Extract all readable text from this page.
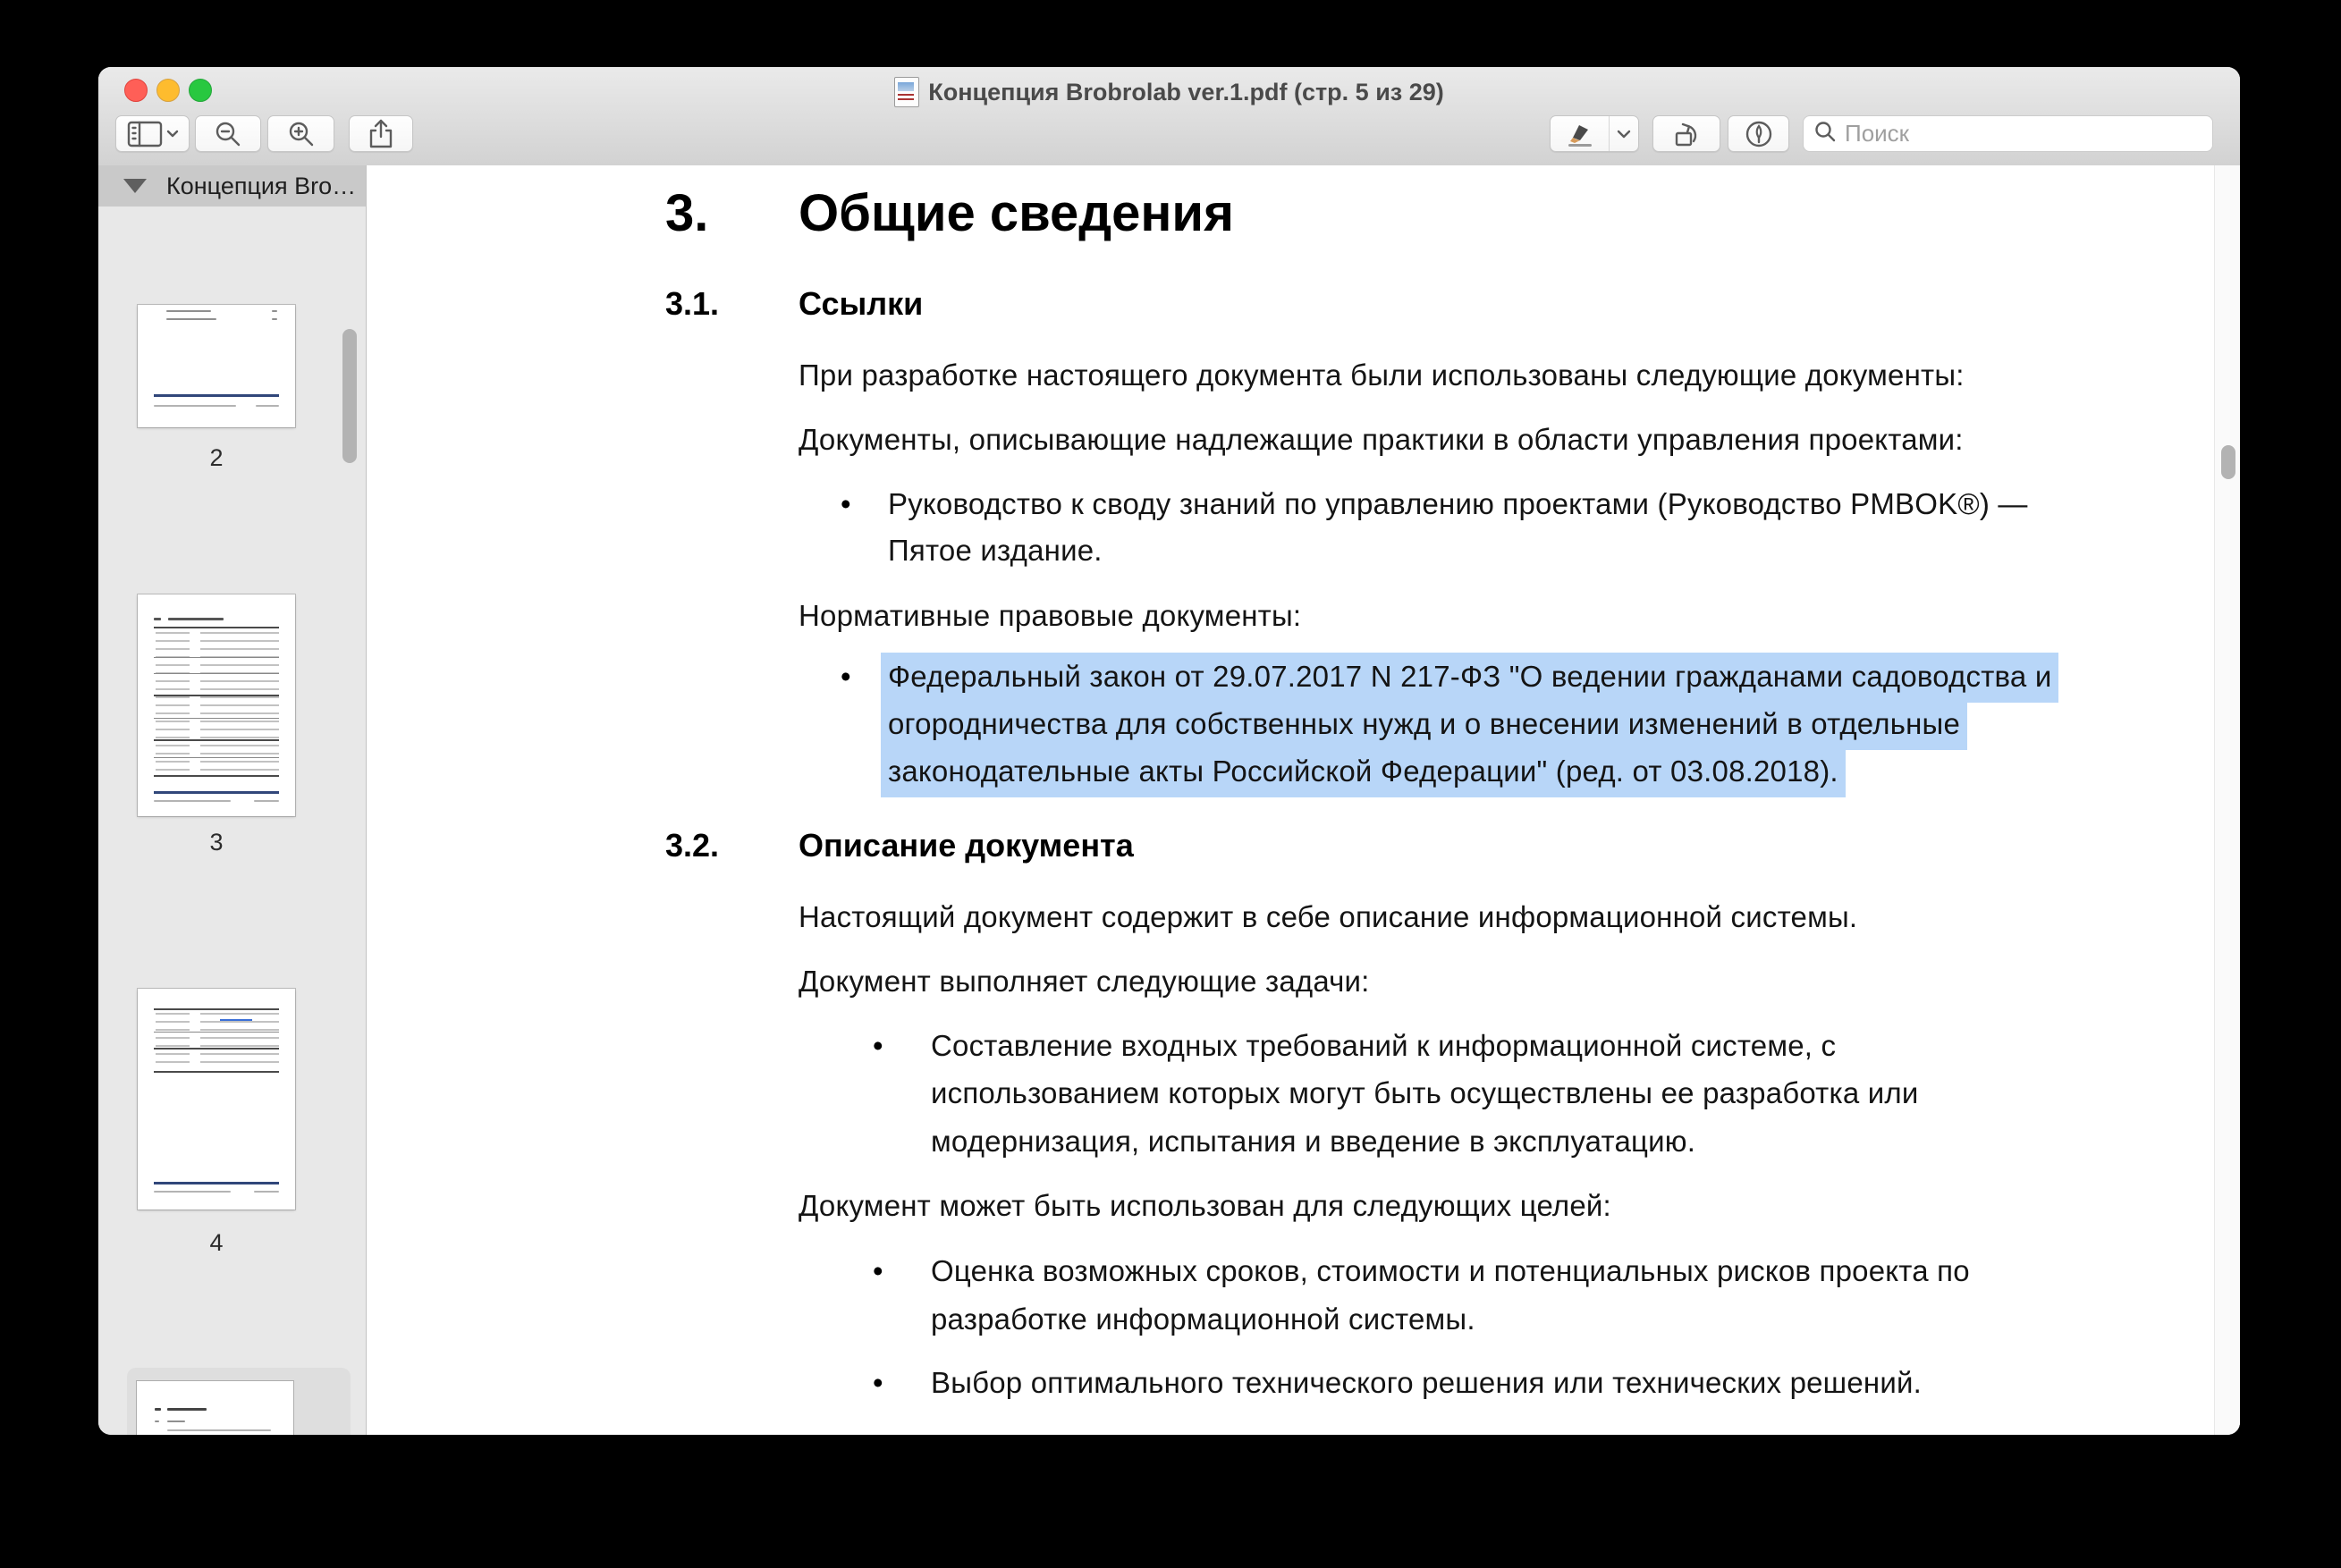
Концепция Brobrolab ver.1.pdf (стр. 5 из 29)
Поиск
Концепция Bro…
2
3
4
3. Общие сведения
3.1. Ссылки
При разработке настоящего документа были использованы следующие документы:
Документы, описывающие надлежащие практики в области управления проектами:
• Руководство к своду знаний по управлению проектами (Руководство PMBOK®) —
Пятое издание.
Нормативные правовые документы:
• Федеральный закон от 29.07.2017 N 217-ФЗ "О ведении гражданами садоводства и
огородничества для собственных нужд и о внесении изменений в отдельные
законодательные акты Российской Федерации" (ред. от 03.08.2018).
3.2. Описание документа
Настоящий документ содержит в себе описание информационной системы.
Документ выполняет следующие задачи:
• Составление входных требований к информационной системе, с
использованием которых могут быть осуществлены ее разработка или
модернизация, испытания и введение в эксплуатацию.
Документ может быть использован для следующих целей:
• Оценка возможных сроков, стоимости и потенциальных рисков проекта по
разработке информационной системы.
• Выбор оптимального технического решения или технических решений.
